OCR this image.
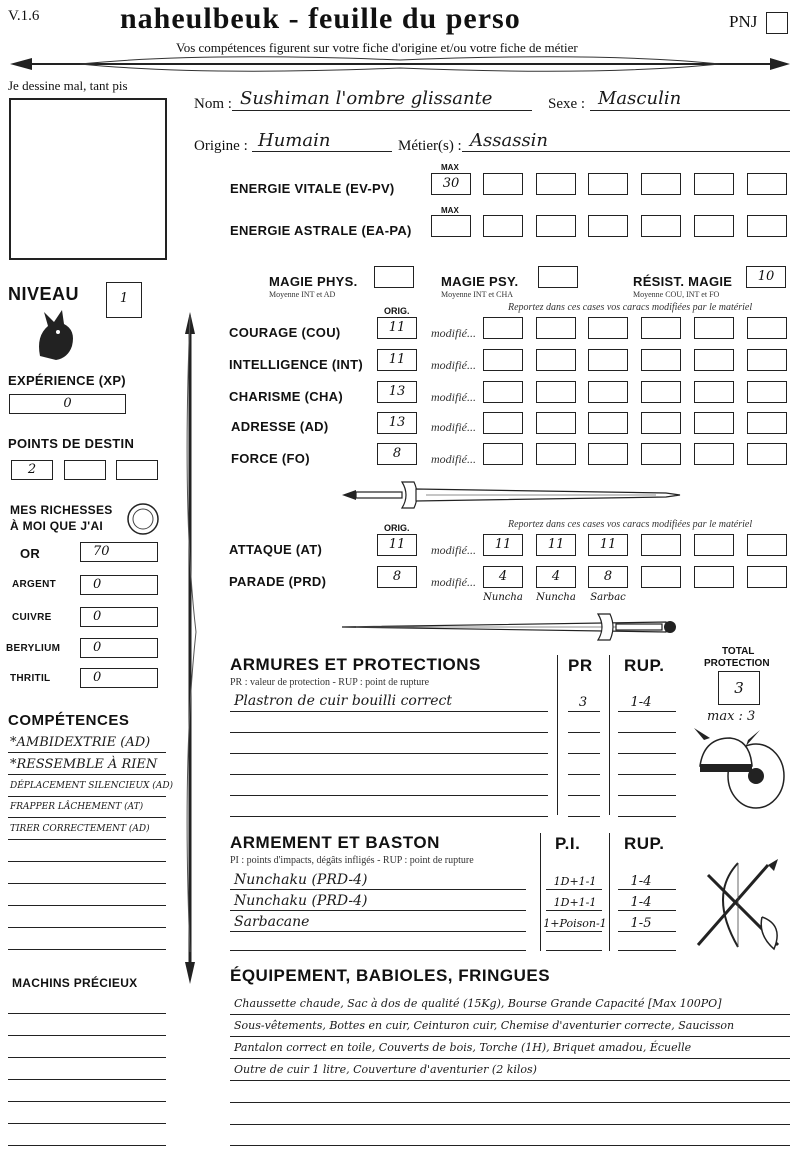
V.1.6	naheulbeuk - feuille du perso	PNJ
Vos compétences figurent sur votre fiche d'origine et/ou votre fiche de métier
Je dessine mal, tant pis
Nom : Sushiman l'ombre glissante	Sexe : Masculin
Origine : Humain	Métier(s) : Assassin
MAX
ENERGIE VITALE (EV-PV)	30
MAX
ENERGIE ASTRALE (EA-PA)
MAGIE PHYS.
Moyenne INT et AD
MAGIE PSY.
Moyenne INT et CHA
RÉSIST. MAGIE
Moyenne COU, INT et FO
10
NIVEAU	1
EXPÉRIENCE (XP)
0
POINTS DE DESTIN
2
MES RICHESSES
À MOI QUE J'AI
OR	70
ARGENT	0
CUIVRE	0
BERYLIUM	0
THRITIL	0
COMPÉTENCES
*AMBIDEXTRIE (AD)
*RESSEMBLE À RIEN
DÉPLACEMENT SILENCIEUX (AD)
FRAPPER LÂCHEMENT (AT)
TIRER CORRECTEMENT (AD)
MACHINS PRÉCIEUX
ORIG.	Reportez dans ces cases vos caracs modifiées par le matériel
COURAGE (COU)	11	modifié...
INTELLIGENCE (INT)	11	modifié...
CHARISME (CHA)	13	modifié...
ADRESSE (AD)	13	modifié...
FORCE (FO)	8	modifié...
ORIG.	Reportez dans ces cases vos caracs modifiées par le matériel
ATTAQUE (AT)	11	modifié...	11	11	11
PARADE (PRD)	8	modifié...	4	4	8
Nuncha	Nuncha	Sarbac
ARMURES ET PROTECTIONS
PR : valeur de protection - RUP : point de rupture
PR RUP.
Plastron de cuir bouilli correct	3	1-4
TOTAL
PROTECTION
3
max : 3
ARMEMENT ET BASTON
PI : points d'impacts, dégâts infligés - RUP : point de rupture
P.I.	RUP.
Nunchaku (PRD-4)	1D+1-1	1-4
Nunchaku (PRD-4)	1D+1-1	1-4
Sarbacane	1+Poison-1	1-5
ÉQUIPEMENT, BABIOLES, FRINGUES
Chaussette chaude, Sac à dos de qualité (15Kg), Bourse Grande Capacité [Max 100PO]
Sous-vêtements, Bottes en cuir, Ceinturon cuir, Chemise d'aventurier correcte, Saucisson
Pantalon correct en toile, Couverts de bois, Torche (1H), Briquet amadou, Écuelle
Outre de cuir 1 litre, Couverture d'aventurier (2 kilos)
